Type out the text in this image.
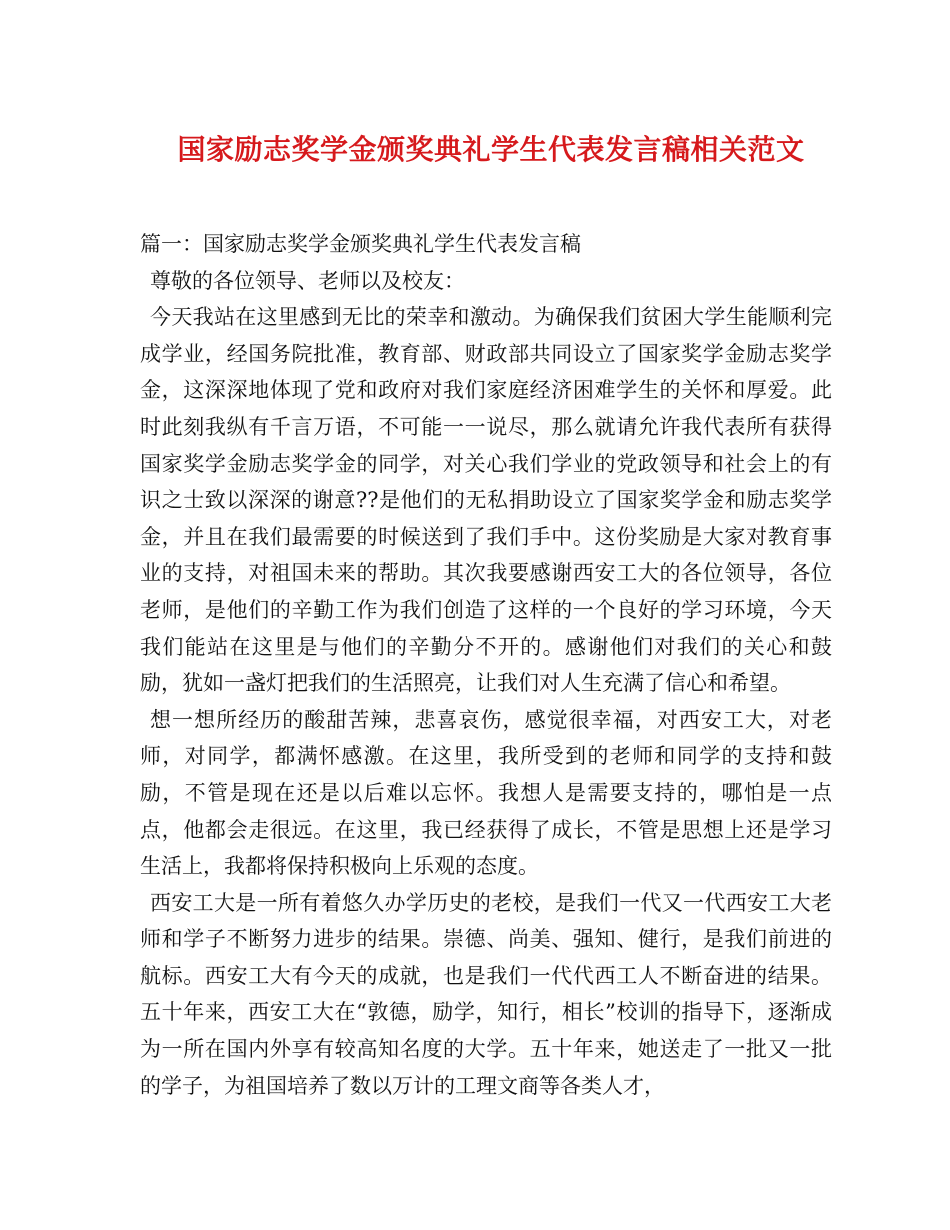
国家励志奖学金颁奖典礼学生代表发言稿相关范文

篇一：国家励志奖学金颁奖典礼学生代表发言稿

尊敬的各位领导、老师以及校友：

今天我站在这里感到无比的荣幸和激动。为确保我们贫困大学生能顺利完成学业，经国务院批准，教育部、财政部共同设立了国家奖学金励志奖学金，这深深地体现了党和政府对我们家庭经济困难学生的关怀和厚爱。此时此刻我纵有千言万语，不可能一一说尽，那么就请允许我代表所有获得国家奖学金励志奖学金的同学，对关心我们学业的党政领导和社会上的有识之士致以深深的谢意??是他们的无私捐助设立了国家奖学金和励志奖学金，并且在我们最需要的时候送到了我们手中。这份奖励是大家对教育事业的支持，对祖国未来的帮助。其次我要感谢西安工大的各位领导，各位老师，是他们的辛勤工作为我们创造了这样的一个良好的学习环境，今天我们能站在这里是与他们的辛勤分不开的。感谢他们对我们的关心和鼓励，犹如一盏灯把我们的生活照亮，让我们对人生充满了信心和希望。

想一想所经历的酸甜苦辣，悲喜哀伤，感觉很幸福，对西安工大，对老师，对同学，都满怀感激。在这里，我所受到的老师和同学的支持和鼓励，不管是现在还是以后难以忘怀。我想人是需要支持的，哪怕是一点点，他都会走很远。在这里，我已经获得了成长，不管是思想上还是学习生活上，我都将保持积极向上乐观的态度。

西安工大是一所有着悠久办学历史的老校，是我们一代又一代西安工大老师和学子不断努力进步的结果。崇德、尚美、强知、健行，是我们前进的航标。西安工大有今天的成就，也是我们一代代西工人不断奋进的结果。五十年来，西安工大在“敦德，励学，知行，相长”校训的指导下，逐渐成为一所在国内外享有较高知名度的大学。五十年来，她送走了一批又一批的学子，为祖国培养了数以万计的工理文商等各类人才，
